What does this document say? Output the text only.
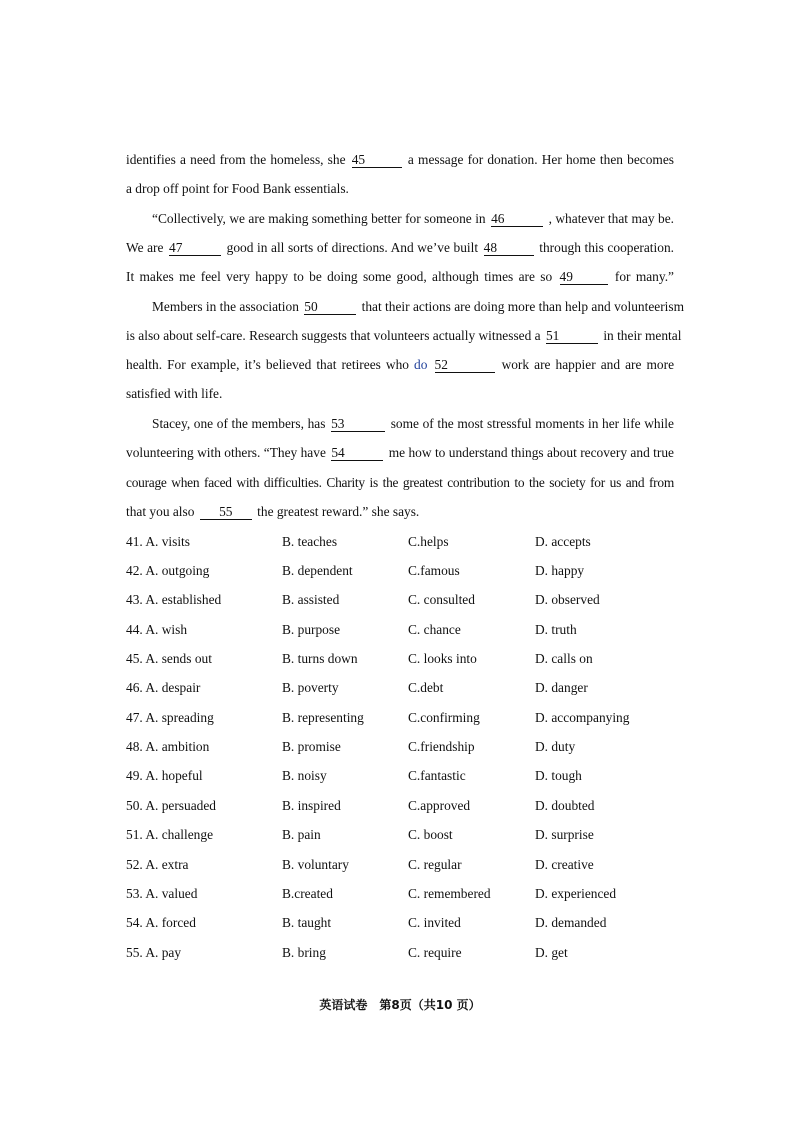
identifies a need from the homeless, she 45	a message for donation. Her home then becomes
a drop off point for Food Bank essentials.
“Collectively, we are making something better for someone in 46	, whatever that may be.
We are 47	good in all sorts of directions. And we’ve built 48	through this cooperation.
It makes me feel very happy to be doing some good, although times are so 49	for many.”
Members in the association 50	that their actions are doing more than help and volunteerism
is also about self-care. Research suggests that volunteers actually witnessed a 51	in their mental
health. For example, it’s believed that retirees who do 52	work are happier and are more
satisfied with life.
Stacey, one of the members, has 53	some of the most stressful moments in her life while
volunteering with others. “They have 54	me how to understand things about recovery and true
courage when faced with difficulties. Charity is the greatest contribution to the society for us and from
that you also 55 the greatest reward.” she says.
41. A. visits	B. teaches	C.helps	D. accepts
42. A. outgoing	B. dependent	C.famous	D. happy
43. A. established	B. assisted	C. consulted	D. observed
44. A. wish	B. purpose	C. chance	D. truth
45. A. sends out	B. turns down	C. looks into	D. calls on
46. A. despair	B. poverty	C.debt	D. danger
47. A. spreading	B. representing	C.confirming	D. accompanying
48. A. ambition	B. promise	C.friendship	D. duty
49. A. hopeful	B. noisy	C.fantastic	D. tough
50. A. persuaded	B. inspired	C.approved	D. doubted
51. A. challenge	B. pain	C. boost	D. surprise
52. A. extra	B. voluntary	C. regular	D. creative
53. A. valued	B.created	C. remembered	D. experienced
54. A. forced	B. taught	C. invited	D. demanded
55. A. pay	B. bring	C. require	D. get
英语试卷　第8页（共10 页）
